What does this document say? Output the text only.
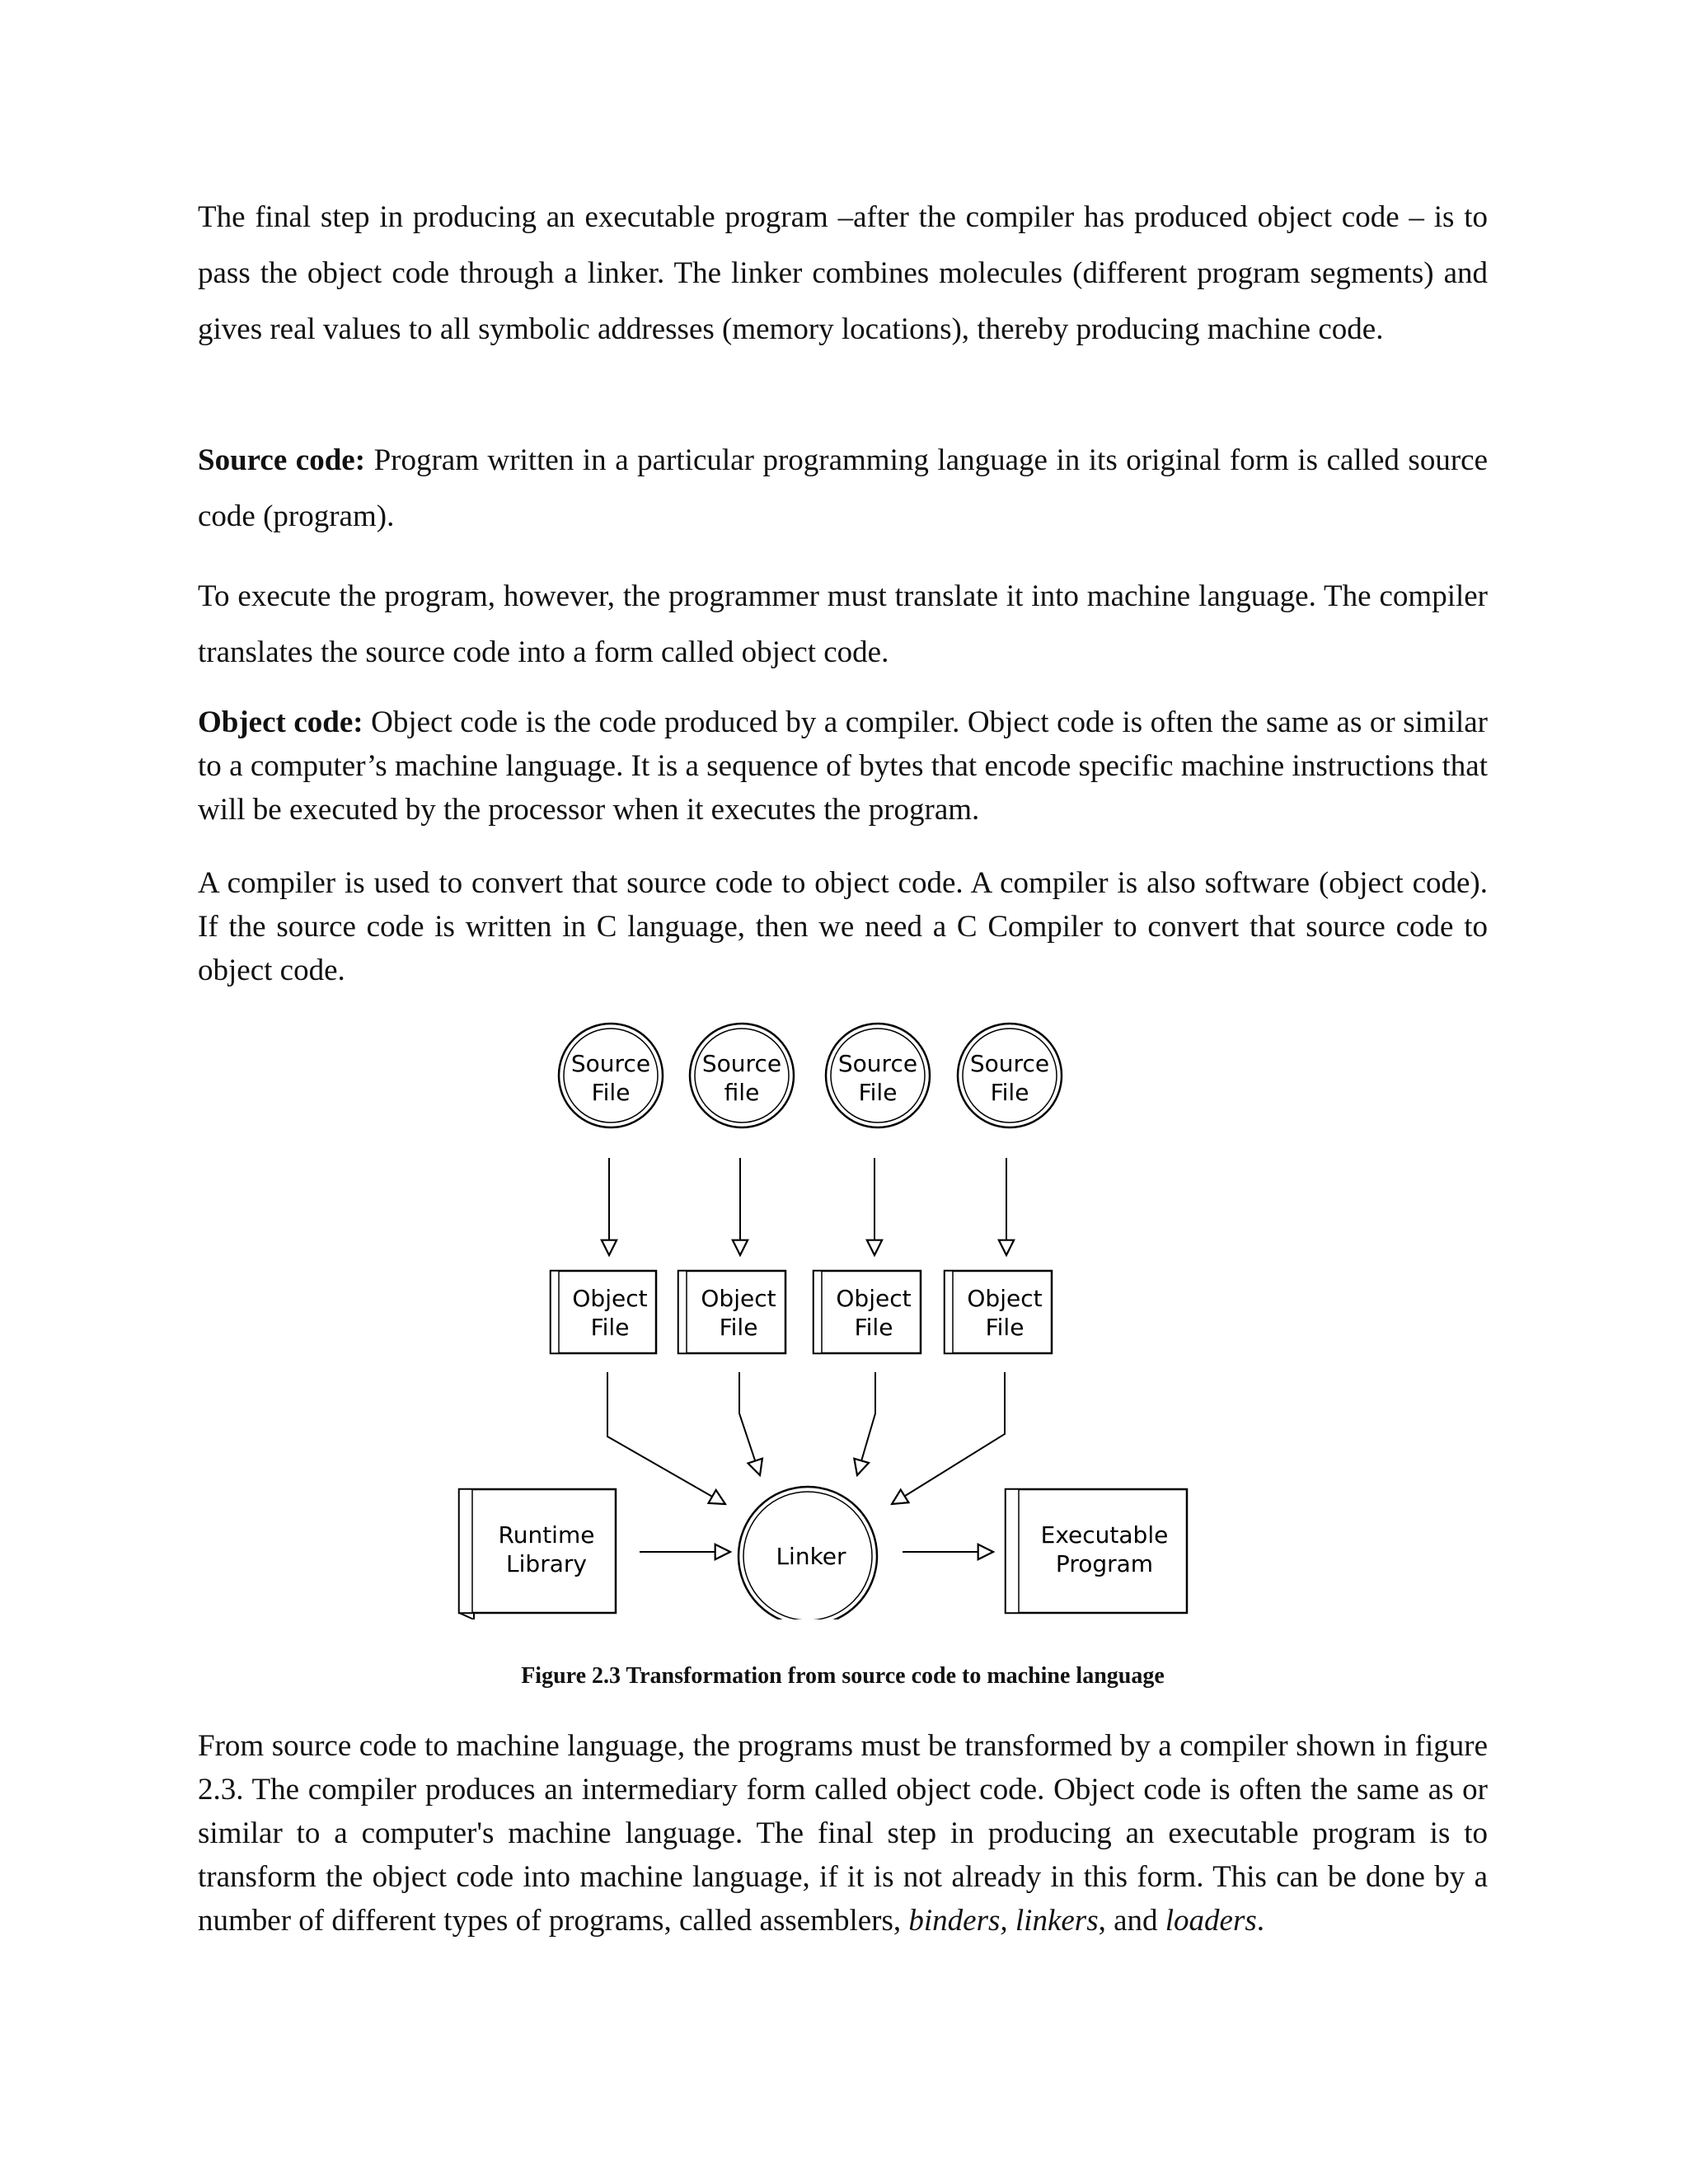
The final step in producing an executable program –after the compiler has produced object code – is to pass the object code through a linker. The linker combines molecules (different program segments) and gives real values to all symbolic addresses (memory locations), thereby producing machine code.

Source code: Program written in a particular programming language in its original form is called source code (program).

To execute the program, however, the programmer must translate it into machine language. The compiler translates the source code into a form called object code.

Object code: Object code is the code produced by a compiler. Object code is often the same as or similar to a computer’s machine language. It is a sequence of bytes that encode specific machine instructions that will be executed by the processor when it executes the program.

A compiler is used to convert that source code to object code. A compiler is also software (object code). If the source code is written in C language, then we need a C Compiler to convert that source code to object code.

Source
File
Source
file
Source
File
Source
File
Object
File
Object
File
Object
File
Object
File
Runtime
Library	Linker
Executable
Program

Figure 2.3 Transformation from source code to machine language

From source code to machine language, the programs must be transformed by a compiler shown in figure 2.3. The compiler produces an intermediary form called object code. Object code is often the same as or similar to a computer's machine language. The final step in producing an executable program is to transform the object code into machine language, if it is not already in this form. This can be done by a number of different types of programs, called assemblers, binders, linkers, and loaders.
